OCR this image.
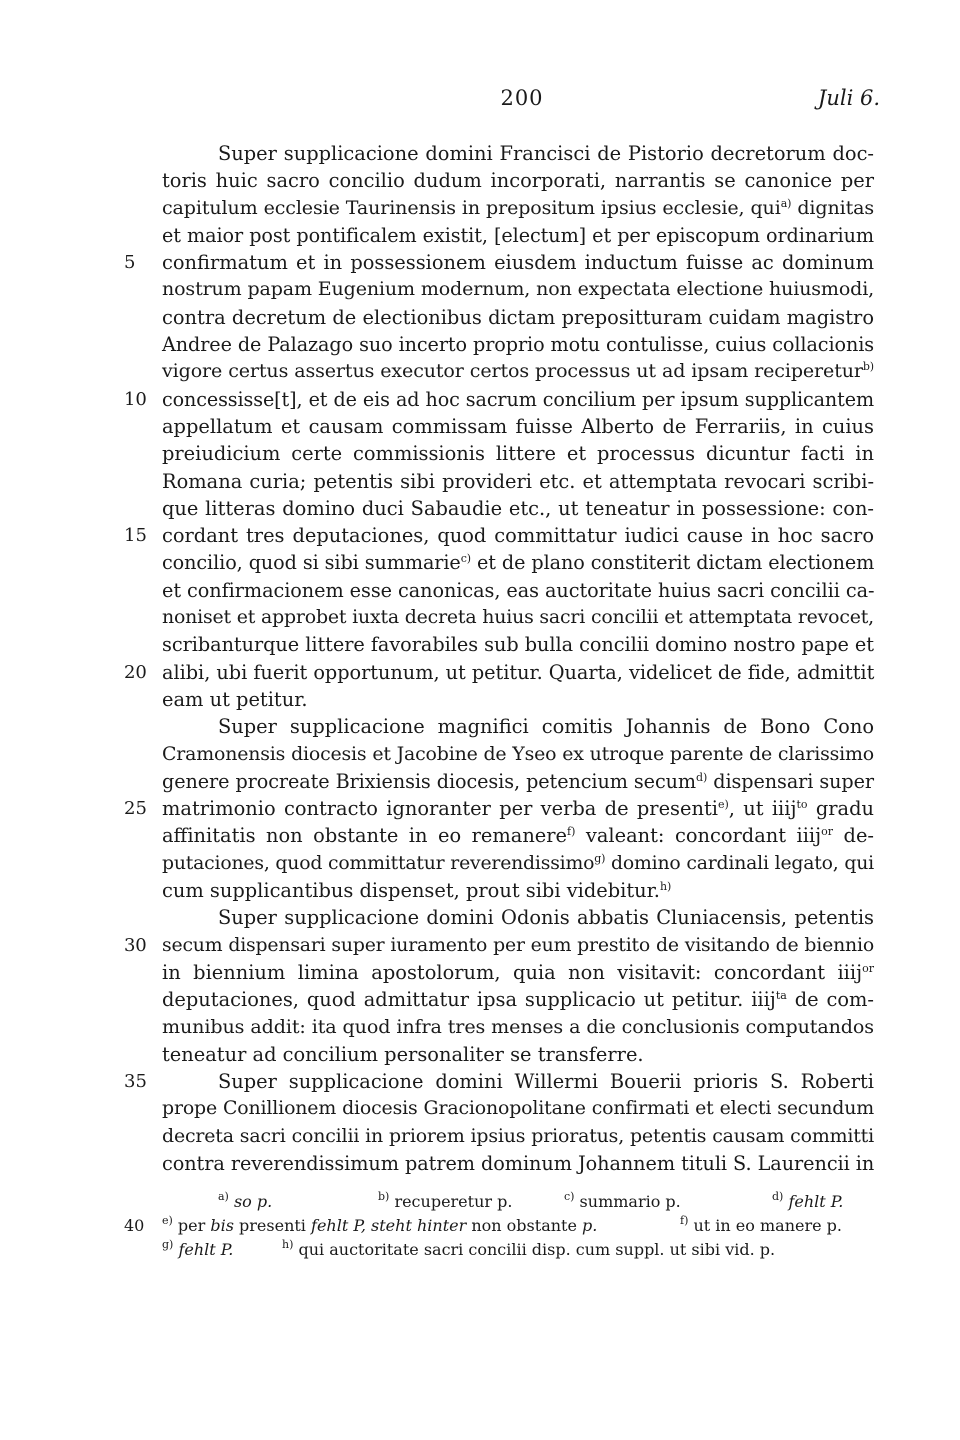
200	Juli 6.
Super supplicacione domini Francisci de Pistorio decretorum doc-
toris huic sacro concilio dudum incorporati, narrantis se canonice per
capitulum ecclesie Taurinensis in prepositum ipsius ecclesie, qui$^{a)}$ dignitas
et maior post pontificalem existit, [electum] et per episcopum ordinarium
5	confirmatum et in possessionem eiusdem inductum fuisse ac dominum
nostrum papam Eugenium modernum, non expectata electione huiusmodi,
contra decretum de electionibus dictam prepositturam cuidam magistro
Andree de Palazago suo incerto proprio motu contulisse, cuius collacionis
vigore certus assertus executor certos processus ut ad ipsam reciperetur$^{b)}$
10 concessisse[t], et de eis ad hoc sacrum concilium per ipsum supplicantem
appellatum et causam commissam fuisse Alberto de Ferrariis, in cuius
preiudicium certe commissionis littere et processus dicuntur facti in
Romana curia; petentis sibi provideri etc. et attemptata revocari scribi-
que litteras domino duci Sabaudie etc., ut teneatur in possessione: con-
15 cordant tres deputaciones, quod committatur iudici cause in hoc sacro
concilio, quod si sibi summarie$^{c)}$ et de plano constiterit dictam electionem
et confirmacionem esse canonicas, eas auctoritate huius sacri concilii ca-
noniset et approbet iuxta decreta huius sacri concilii et attemptata revocet,
scribanturque littere favorabiles sub bulla concilii domino nostro pape et
20 alibi, ubi fuerit opportunum, ut petitur. Quarta, videlicet de fide, admittit
eam ut petitur.
Super supplicacione magnifici comitis Johannis de Bono Cono
Cramonensis diocesis et Jacobine de Yseo ex utroque parente de clarissimo
genere procreate Brixiensis diocesis, petencium secum$^{d)}$ dispensari super
25 matrimonio contracto ignoranter per verba de presenti$^{e)}$, ut iiij$^{to}$ gradu
affinitatis non obstante in eo remanere$^{f)}$ valeant: concordant iiij$^{or}$ de-
putaciones, quod committatur reverendissimo$^{g)}$ domino cardinali legato, qui
cum supplicantibus dispenset, prout sibi videbitur.$^{h)}$
Super supplicacione domini Odonis abbatis Cluniacensis, petentis
30 secum dispensari super iuramento per eum prestito de visitando de biennio
in biennium limina apostolorum, quia non visitavit: concordant iiij$^{or}$
deputaciones, quod admittatur ipsa supplicacio ut petitur. iiij$^{ta}$ de com-
munibus addit: ita quod infra tres menses a die conclusionis computandos
teneatur ad concilium personaliter se transferre.
35	Super supplicacione domini Willermi Bouerii prioris S. Roberti
prope Conillionem diocesis Gracionopolitane confirmati et electi secundum
decreta sacri concilii in priorem ipsius prioratus, petentis causam committi
contra reverendissimum patrem dominum Johannem tituli S. Laurencii in
$^{a)}$ so p.	$^{b)}$ recuperetur p.	$^{c)}$ summario p.	$^{d)}$ fehlt P.
40	$^{e)}$ per bis presenti fehlt P, steht hinter non obstante p.	$^{f)}$ ut in eo manere p.
$^{g)}$ fehlt P.	$^{h)}$ qui auctoritate sacri concilii disp. cum suppl. ut sibi vid. p.
